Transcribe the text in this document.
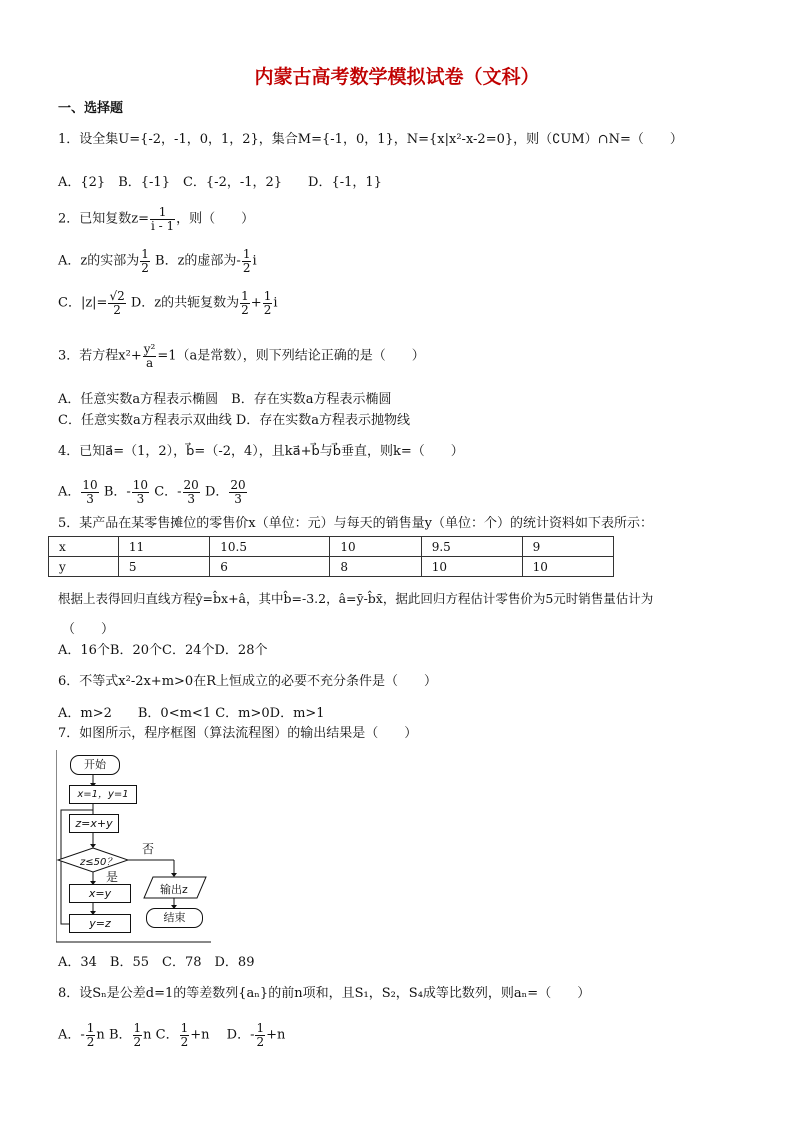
内蒙古高考数学模拟试卷（文科）
一、选择题
1．设全集U={-2，-1，0，1，2}，集合M={-1，0，1}，N={x|x²-x-2=0}，则（∁UM）∩N=（　　）
A．{2}　B．{-1}　C．{-2，-1，2}　　D．{-1，1}
2．已知复数$z= \frac{1}{i - 1}$ ，则（　　）
A．z的实部为 $\frac{1}{2}$ B．z的虚部为- $\frac{1}{2}$ i
C．$|z|= \frac{√2}{2}$ D．z的共轭复数为 $\frac{1}{2} + \frac{1}{2}$ i
3．若方程$x^2+ \frac{\text{y²}}{a} =1(a$是常数），则下列结论正确的是（　　）
A．任意实数a方程表示椭圆　B．存在实数a方程表示椭圆
C．任意实数a方程表示双曲线 D．存在实数a方程表示抛物线
4．已知a⃗=（1，2），b⃗=（-2，4），且ka⃗+b⃗与b⃗垂直，则k=（　　）
A． $\frac{10}{3}$ B．- $\frac{10}{3}$ C．- $\frac{20}{3}$ D． $\frac{20}{3}$
5．某产品在某零售摊位的零售价x（单位：元）与每天的销售量y（单位：个）的统计资料如下表所示：
x	11	10.5	10	9.5	9
y	5	6	8	10	10
根据上表得回归直线方程ŷ=b̂x+â，其中b̂=-3.2，â=ȳ-b̂x̄，据此回归方程估计零售价为5元时销售量估计为
（　　）
A．16个B．20个C．24个D．28个
6．不等式x²-2x+m>0在R上恒成立的必要不充分条件是（　　）
A．m>2　　B．0<m<1 C．m>0D．m>1
7．如图所示，程序框图（算法流程图）的输出结果是（　　）
开始
x=1，y=1
z=x+y
z≤50？
否
是
x=y
y=z
输出z
结束
A．34　B．55　C．78　D．89
8．设Sₙ是公差d=1的等差数列{aₙ}的前n项和，且S₁，S₂，S₄成等比数列，则aₙ=（　　）
A．- $\frac{1}{2}$ n B． $\frac{1}{2}$ n C． $\frac{1}{2} +n$ 　 D．- $\frac{1}{2} +n$
